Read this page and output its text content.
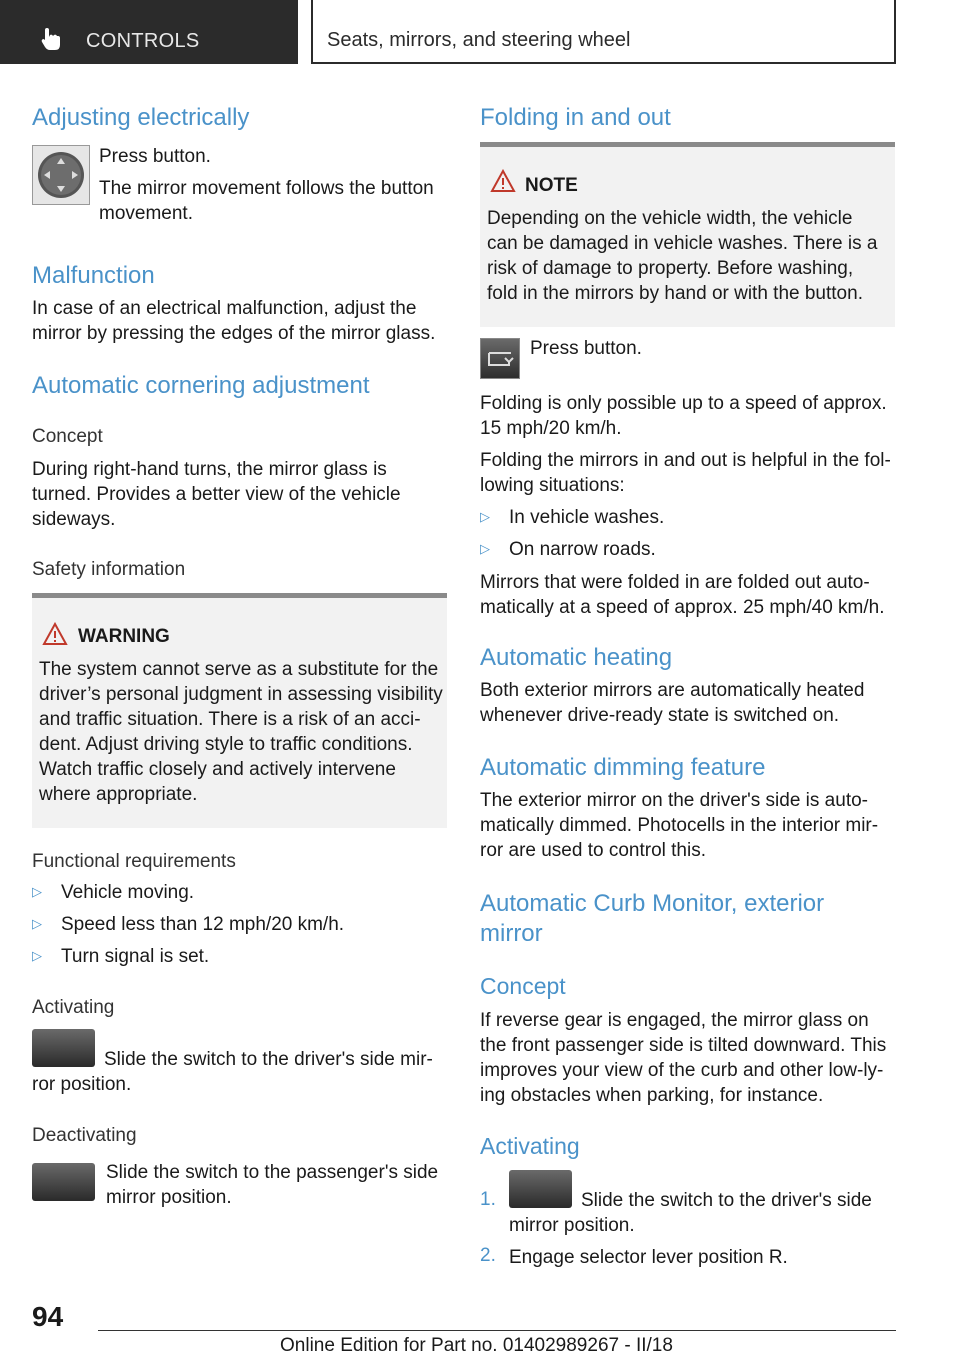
CONTROLS	Seats, mirrors, and steering wheel
Adjusting electrically
Press button.
The mirror movement follows the button
movement.
Malfunction
In case of an electrical malfunction, adjust the
mirror by pressing the edges of the mirror glass.
Automatic cornering adjustment
Concept
During right-hand turns, the mirror glass is
turned. Provides a better view of the vehicle
sideways.
Safety information
WARNING
The system cannot serve as a substitute for the
driver’s personal judgment in assessing visibility
and traffic situation. There is a risk of an acci-
dent. Adjust driving style to traffic conditions.
Watch traffic closely and actively intervene
where appropriate.
Functional requirements
▷ Vehicle moving.
▷ Speed less than 12 mph/20 km/h.
▷ Turn signal is set.
Activating
Slide the switch to the driver's side mir-
ror position.
Deactivating
Slide the switch to the passenger's side
mirror position.
Folding in and out
NOTE
Depending on the vehicle width, the vehicle
can be damaged in vehicle washes. There is a
risk of damage to property. Before washing,
fold in the mirrors by hand or with the button.
Press button.
Folding is only possible up to a speed of approx.
15 mph/20 km/h.
Folding the mirrors in and out is helpful in the fol-
lowing situations:
▷ In vehicle washes.
▷ On narrow roads.
Mirrors that were folded in are folded out auto-
matically at a speed of approx. 25 mph/40 km/h.
Automatic heating
Both exterior mirrors are automatically heated
whenever drive-ready state is switched on.
Automatic dimming feature
The exterior mirror on the driver's side is auto-
matically dimmed. Photocells in the interior mir-
ror are used to control this.
Automatic Curb Monitor, exterior
mirror
Concept
If reverse gear is engaged, the mirror glass on
the front passenger side is tilted downward. This
improves your view of the curb and other low-ly-
ing obstacles when parking, for instance.
Activating
1.	Slide the switch to the driver's side
mirror position.
2. Engage selector lever position R.
94
Online Edition for Part no. 01402989267 - II/18
